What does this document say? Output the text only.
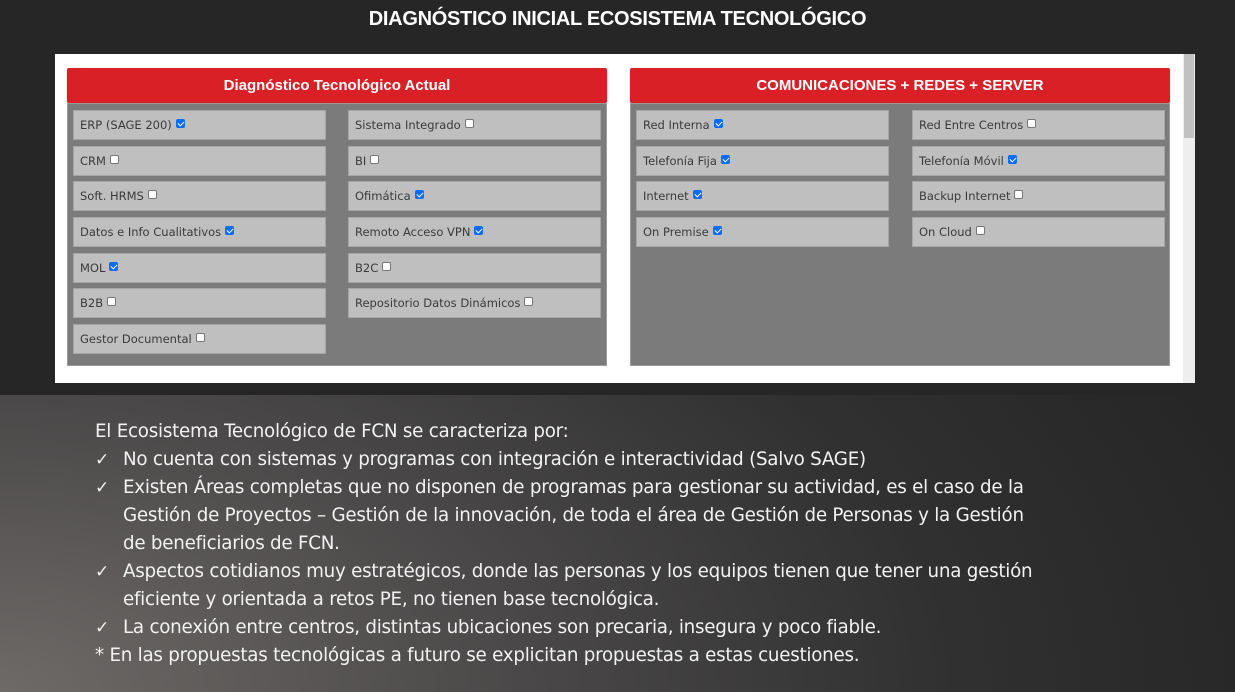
DIAGNÓSTICO INICIAL ECOSISTEMA TECNOLÓGICO
Diagnóstico Tecnológico Actual
ERP (SAGE 200)
CRM
Soft. HRMS
Datos e Info Cualitativos
MOL
B2B
Gestor Documental
Sistema Integrado
BI
Ofimática
Remoto Acceso VPN
B2C
Repositorio Datos Dinámicos
COMUNICACIONES + REDES + SERVER
Red Interna
Telefonía Fija
Internet
On Premise
Red Entre Centros
Telefonía Móvil
Backup Internet
On Cloud
El Ecosistema Tecnológico de FCN se caracteriza por:
✓ No cuenta con sistemas y programas con integración e interactividad (Salvo SAGE)
✓ Existen Áreas completas que no disponen de programas para gestionar su actividad, es el caso de la
Gestión de Proyectos – Gestión de la innovación, de toda el área de Gestión de Personas y la Gestión
de beneficiarios de FCN.
✓ Aspectos cotidianos muy estratégicos, donde las personas y los equipos tienen que tener una gestión
eficiente y orientada a retos PE, no tienen base tecnológica.
✓ La conexión entre centros, distintas ubicaciones son precaria, insegura y poco fiable.
* En las propuestas tecnológicas a futuro se explicitan propuestas a estas cuestiones.
